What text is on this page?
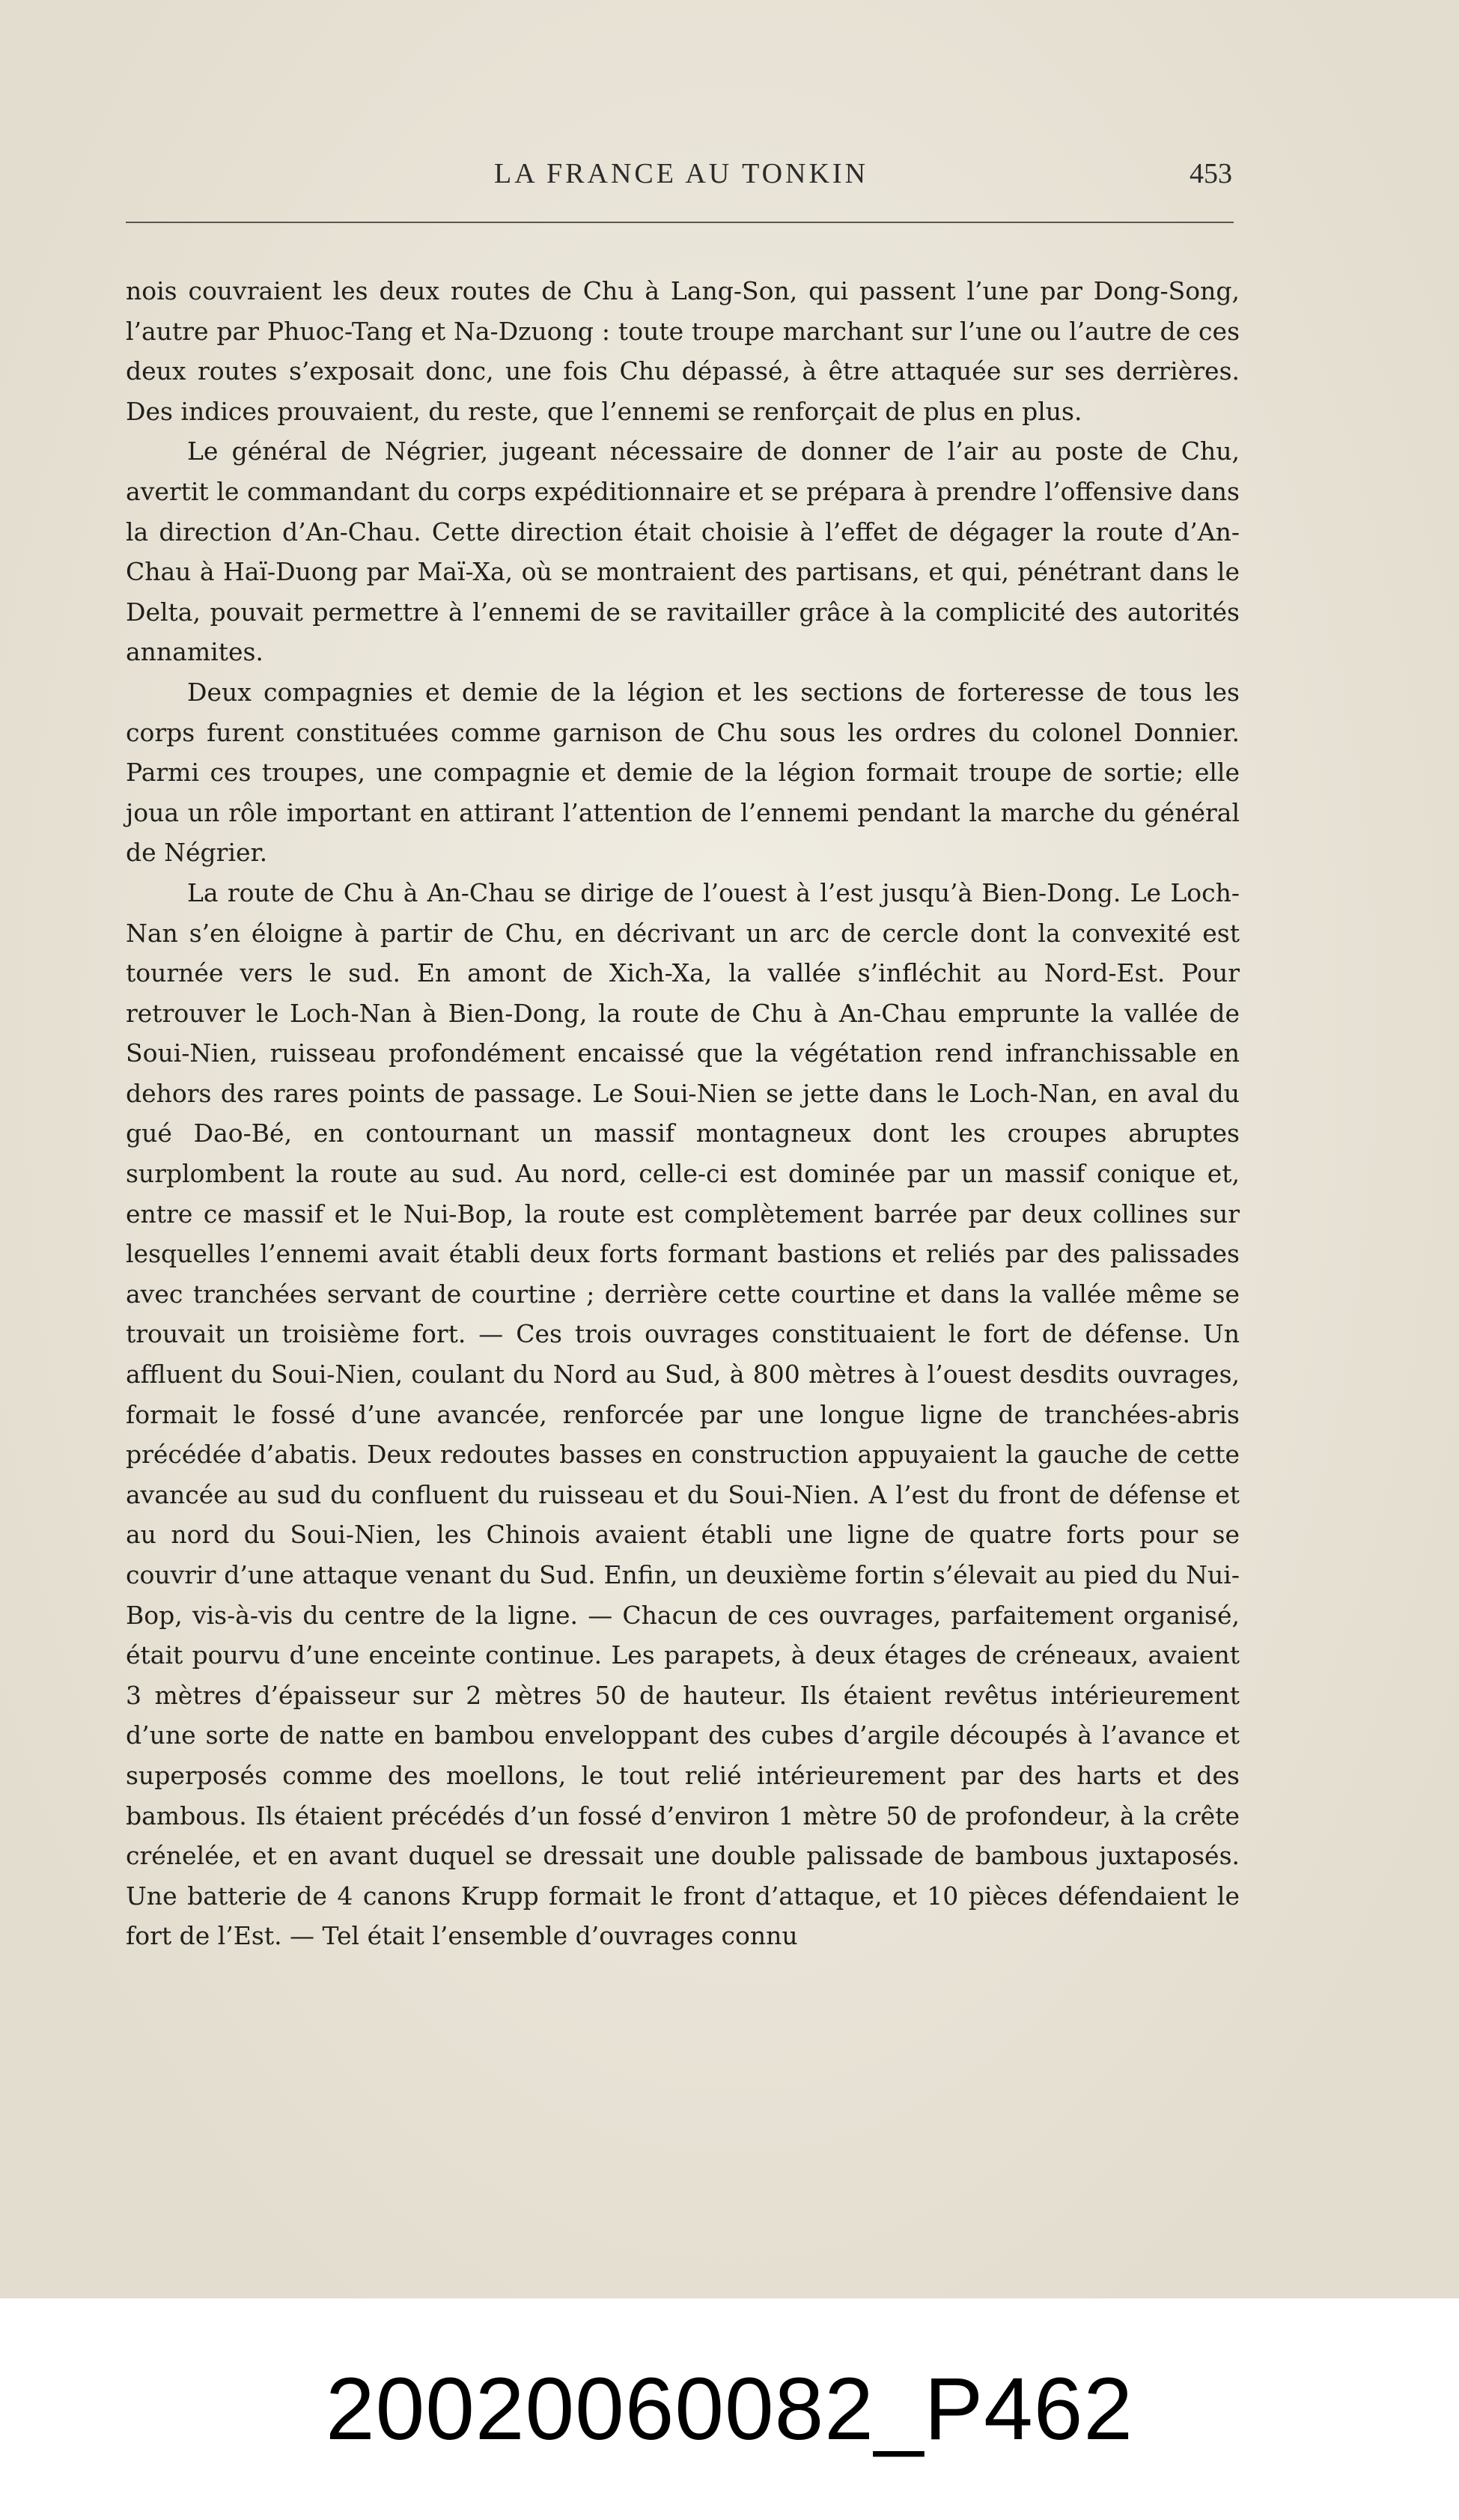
LA FRANCE AU TONKIN	453

nois couvraient les deux routes de Chu à Lang-Son, qui passent l’une par Dong-Song, l’autre par Phuoc-Tang et Na-Dzuong : toute troupe marchant sur l’une ou l’autre de ces deux routes s’exposait donc, une fois Chu dépassé, à être attaquée sur ses derrières. Des indices prouvaient, du reste, que l’ennemi se renforçait de plus en plus.

Le général de Négrier, jugeant nécessaire de donner de l’air au poste de Chu, avertit le commandant du corps expéditionnaire et se prépara à prendre l’offensive dans la direction d’An-Chau. Cette direction était choisie à l’effet de dégager la route d’An-Chau à Haï-Duong par Maï-Xa, où se montraient des partisans, et qui, pénétrant dans le Delta, pouvait permettre à l’ennemi de se ravitailler grâce à la complicité des autorités annamites.

Deux compagnies et demie de la légion et les sections de forteresse de tous les corps furent constituées comme garnison de Chu sous les ordres du colonel Donnier. Parmi ces troupes, une compagnie et demie de la légion formait troupe de sortie; elle joua un rôle important en attirant l’attention de l’ennemi pendant la marche du général de Négrier.

La route de Chu à An-Chau se dirige de l’ouest à l’est jusqu’à Bien-Dong. Le Loch-Nan s’en éloigne à partir de Chu, en décrivant un arc de cercle dont la convexité est tournée vers le sud. En amont de Xich-Xa, la vallée s’infléchit au Nord-Est. Pour retrouver le Loch-Nan à Bien-Dong, la route de Chu à An-Chau emprunte la vallée de Soui-Nien, ruisseau profondément encaissé que la végétation rend infranchissable en dehors des rares points de passage. Le Soui-Nien se jette dans le Loch-Nan, en aval du gué Dao-Bé, en contournant un massif montagneux dont les croupes abruptes surplombent la route au sud. Au nord, celle-ci est dominée par un massif conique et, entre ce massif et le Nui-Bop, la route est complètement barrée par deux collines sur lesquelles l’ennemi avait établi deux forts formant bastions et reliés par des palissades avec tranchées servant de courtine ; derrière cette courtine et dans la vallée même se trouvait un troisième fort. — Ces trois ouvrages constituaient le fort de défense. Un affluent du Soui-Nien, coulant du Nord au Sud, à 800 mètres à l’ouest desdits ouvrages, formait le fossé d’une avancée, renforcée par une longue ligne de tranchées-abris précédée d’abatis. Deux redoutes basses en construction appuyaient la gauche de cette avancée au sud du confluent du ruisseau et du Soui-Nien. A l’est du front de défense et au nord du Soui-Nien, les Chinois avaient établi une ligne de quatre forts pour se couvrir d’une attaque venant du Sud. Enfin, un deuxième fortin s’élevait au pied du Nui-Bop, vis-à-vis du centre de la ligne. — Chacun de ces ouvrages, parfaitement organisé, était pourvu d’une enceinte continue. Les parapets, à deux étages de créneaux, avaient 3 mètres d’épaisseur sur 2 mètres 50 de hauteur. Ils étaient revêtus intérieurement d’une sorte de natte en bambou enveloppant des cubes d’argile découpés à l’avance et superposés comme des moellons, le tout relié intérieurement par des harts et des bambous. Ils étaient précédés d’un fossé d’environ 1 mètre 50 de profondeur, à la crête crénelée, et en avant duquel se dressait une double palissade de bambous juxtaposés. Une batterie de 4 canons Krupp formait le front d’attaque, et 10 pièces défendaient le fort de l’Est. — Tel était l’ensemble d’ouvrages connu

20020060082_P462
